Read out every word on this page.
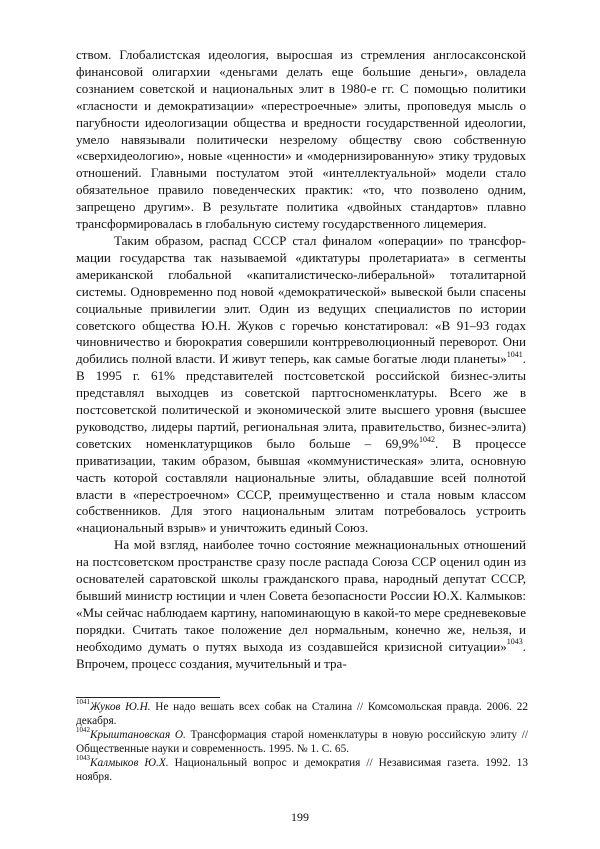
ством. Глобалистская идеология, выросшая из стремления англосаксонской финансовой олигархии «деньгами делать еще большие деньги», овладела сознанием советской и национальных элит в 1980-е гг. С помощью политики «гласности и демократизации» «перестроечные» элиты, проповедуя мысль о пагубности идеологизации общества и вредности государственной идеологии, умело навязывали политически незрелому обществу свою собственную «сверхидеологию», новые «ценности» и «модернизированную» этику трудовых отношений. Главными постулатом этой «интеллектуальной» модели стало обязательное правило поведенческих практик: «то, что позволено одним, запрещено другим». В результате политика «двойных стандартов» плавно трансформировалась в глобальную систему государственного лицемерия.

Таким образом, распад СССР стал финалом «операции» по трансформации государства так называемой «диктатуры пролетариата» в сегменты американской глобальной «капиталистическо-либеральной» тоталитарной системы. Одновременно под новой «демократической» вывеской были спасены социальные привилегии элит. Один из ведущих специалистов по истории советского общества Ю.Н. Жуков с горечью констатировал: «В 91–93 годах чиновничество и бюрократия совершили контрреволюционный переворот. Они добились полной власти. И живут теперь, как самые богатые люди планеты»$^{1041}$. В 1995 г. 61% представителей постсоветской российской бизнес-элиты представлял выходцев из советской партгосноменклатуры. Всего же в постсоветской политической и экономической элите высшего уровня (высшее руководство, лидеры партий, региональная элита, правительство, бизнес-элита) советских номенклатурщиков было больше – 69,9%$^{1042}$. В процессе приватизации, таким образом, бывшая «коммунистическая» элита, основную часть которой составляли национальные элиты, обладавшие всей полнотой власти в «перестроечном» СССР, преимущественно и стала новым классом собственников. Для этого национальным элитам потребовалось устроить «национальный взрыв» и уничтожить единый Союз.

На мой взгляд, наиболее точно состояние межнациональных отношений на постсоветском пространстве сразу после распада Союза ССР оценил один из основателей саратовской школы гражданского права, народный депутат СССР, бывший министр юстиции и член Совета безопасности России Ю.Х. Калмыков: «Мы сейчас наблюдаем картину, напоминающую в какой-то мере средневековые порядки. Считать такое положение дел нормальным, конечно же, нельзя, и необходимо думать о путях выхода из создавшейся кризисной ситуации»$^{1043}$. Впрочем, процесс создания, мучительный и тра-

$^{1041}$Жуков Ю.Н. Не надо вешать всех собак на Сталина // Комсомольская правда. 2006. 22 декабря.

$^{1042}$Крыштановская О. Трансформация старой номенклатуры в новую российскую элиту // Общественные науки и современность. 1995. № 1. С. 65.

$^{1043}$Калмыков Ю.Х. Национальный вопрос и демократия // Независимая газета. 1992. 13 ноября.

199
